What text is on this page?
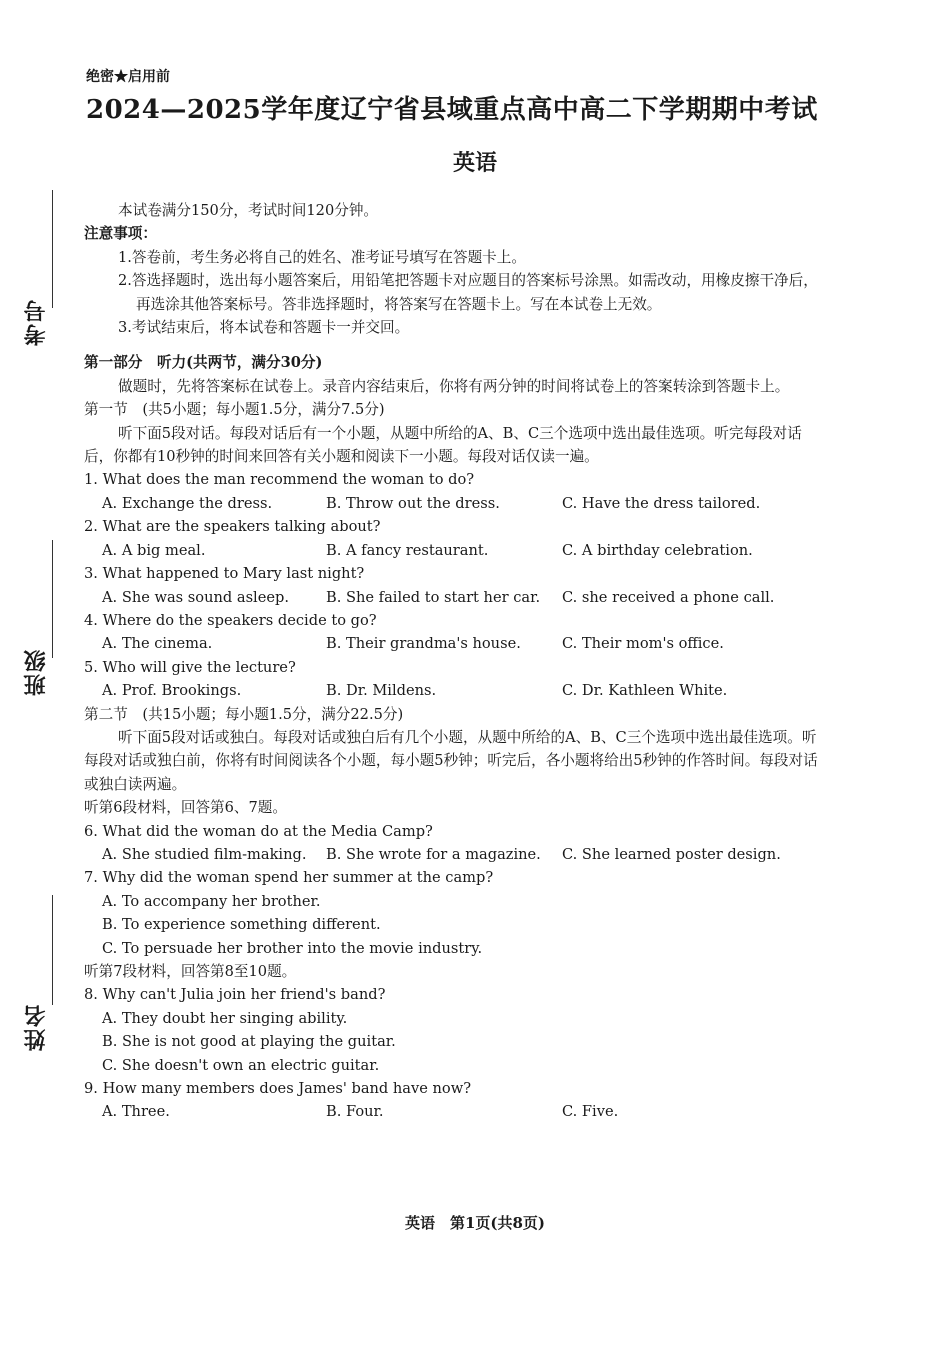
绝密★启用前
2024—2025学年度辽宁省县域重点高中高二下学期期中考试
英语
考号
班级
姓名

本试卷满分150分，考试时间120分钟。

注意事项：

1.答卷前，考生务必将自己的姓名、准考证号填写在答题卡上。

2.答选择题时，选出每小题答案后，用铅笔把答题卡对应题目的答案标号涂黑。如需改动，用橡皮擦干净后，再选涂其他答案标号。答非选择题时，将答案写在答题卡上。写在本试卷上无效。

3.考试结束后，将本试卷和答题卡一并交回。

第一部分　听力(共两节，满分30分)

做题时，先将答案标在试卷上。录音内容结束后，你将有两分钟的时间将试卷上的答案转涂到答题卡上。

第一节　(共5小题；每小题1.5分，满分7.5分)

听下面5段对话。每段对话后有一个小题，从题中所给的A、B、C三个选项中选出最佳选项。听完每段对话后，你都有10秒钟的时间来回答有关小题和阅读下一小题。每段对话仅读一遍。

1. What does the man recommend the woman to do?

A. Exchange the dress.	B. Throw out the dress.	C. Have the dress tailored.

2. What are the speakers talking about?

A. A big meal.	B. A fancy restaurant.	C. A birthday celebration.

3. What happened to Mary last night?

A. She was sound asleep.	B. She failed to start her car.	C. she received a phone call.

4. Where do the speakers decide to go?

A. The cinema.	B. Their grandma's house.	C. Their mom's office.

5. Who will give the lecture?

A. Prof. Brookings.	B. Dr. Mildens.	C. Dr. Kathleen White.

第二节　(共15小题；每小题1.5分，满分22.5分)

听下面5段对话或独白。每段对话或独白后有几个小题，从题中所给的A、B、C三个选项中选出最佳选项。听每段对话或独白前，你将有时间阅读各个小题，每小题5秒钟；听完后，各小题将给出5秒钟的作答时间。每段对话或独白读两遍。

听第6段材料，回答第6、7题。

6. What did the woman do at the Media Camp?

A. She studied film-making.	B. She wrote for a magazine.	C. She learned poster design.

7. Why did the woman spend her summer at the camp?

A. To accompany her brother.

B. To experience something different.

C. To persuade her brother into the movie industry.

听第7段材料，回答第8至10题。

8. Why can't Julia join her friend's band?

A. They doubt her singing ability.

B. She is not good at playing the guitar.

C. She doesn't own an electric guitar.

9. How many members does James' band have now?

A. Three.	B. Four.	C. Five.
英语　第1页(共8页)
